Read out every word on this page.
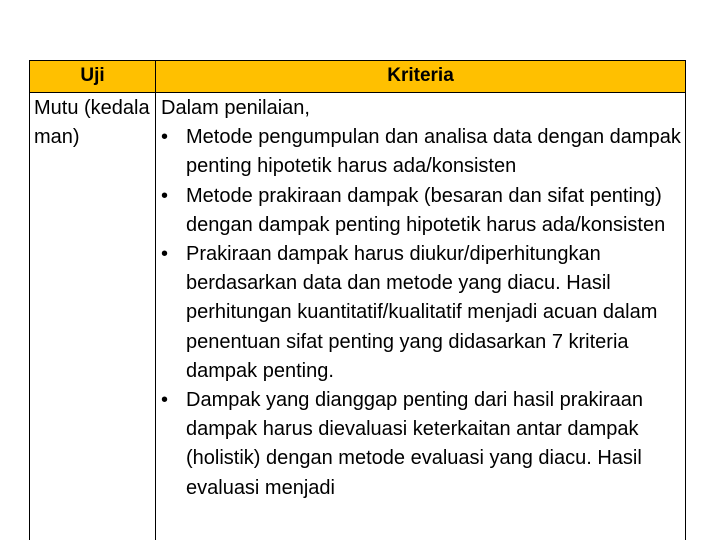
Uji	Kriteria
Mutu (kedalaman)
Dalam penilaian,
• Metode pengumpulan dan analisa data dengan dampak penting hipotetik harus ada/konsisten
• Metode prakiraan dampak (besaran dan sifat penting) dengan dampak penting hipotetik harus ada/konsisten
• Prakiraan dampak harus diukur/diperhitungkan berdasarkan data dan metode yang diacu. Hasil perhitungan kuantitatif/kualitatif menjadi acuan dalam penentuan sifat penting yang didasarkan 7 kriteria dampak penting.
• Dampak yang dianggap penting dari hasil prakiraan dampak harus dievaluasi keterkaitan antar dampak (holistik) dengan metode evaluasi yang diacu. Hasil evaluasi menjadi
